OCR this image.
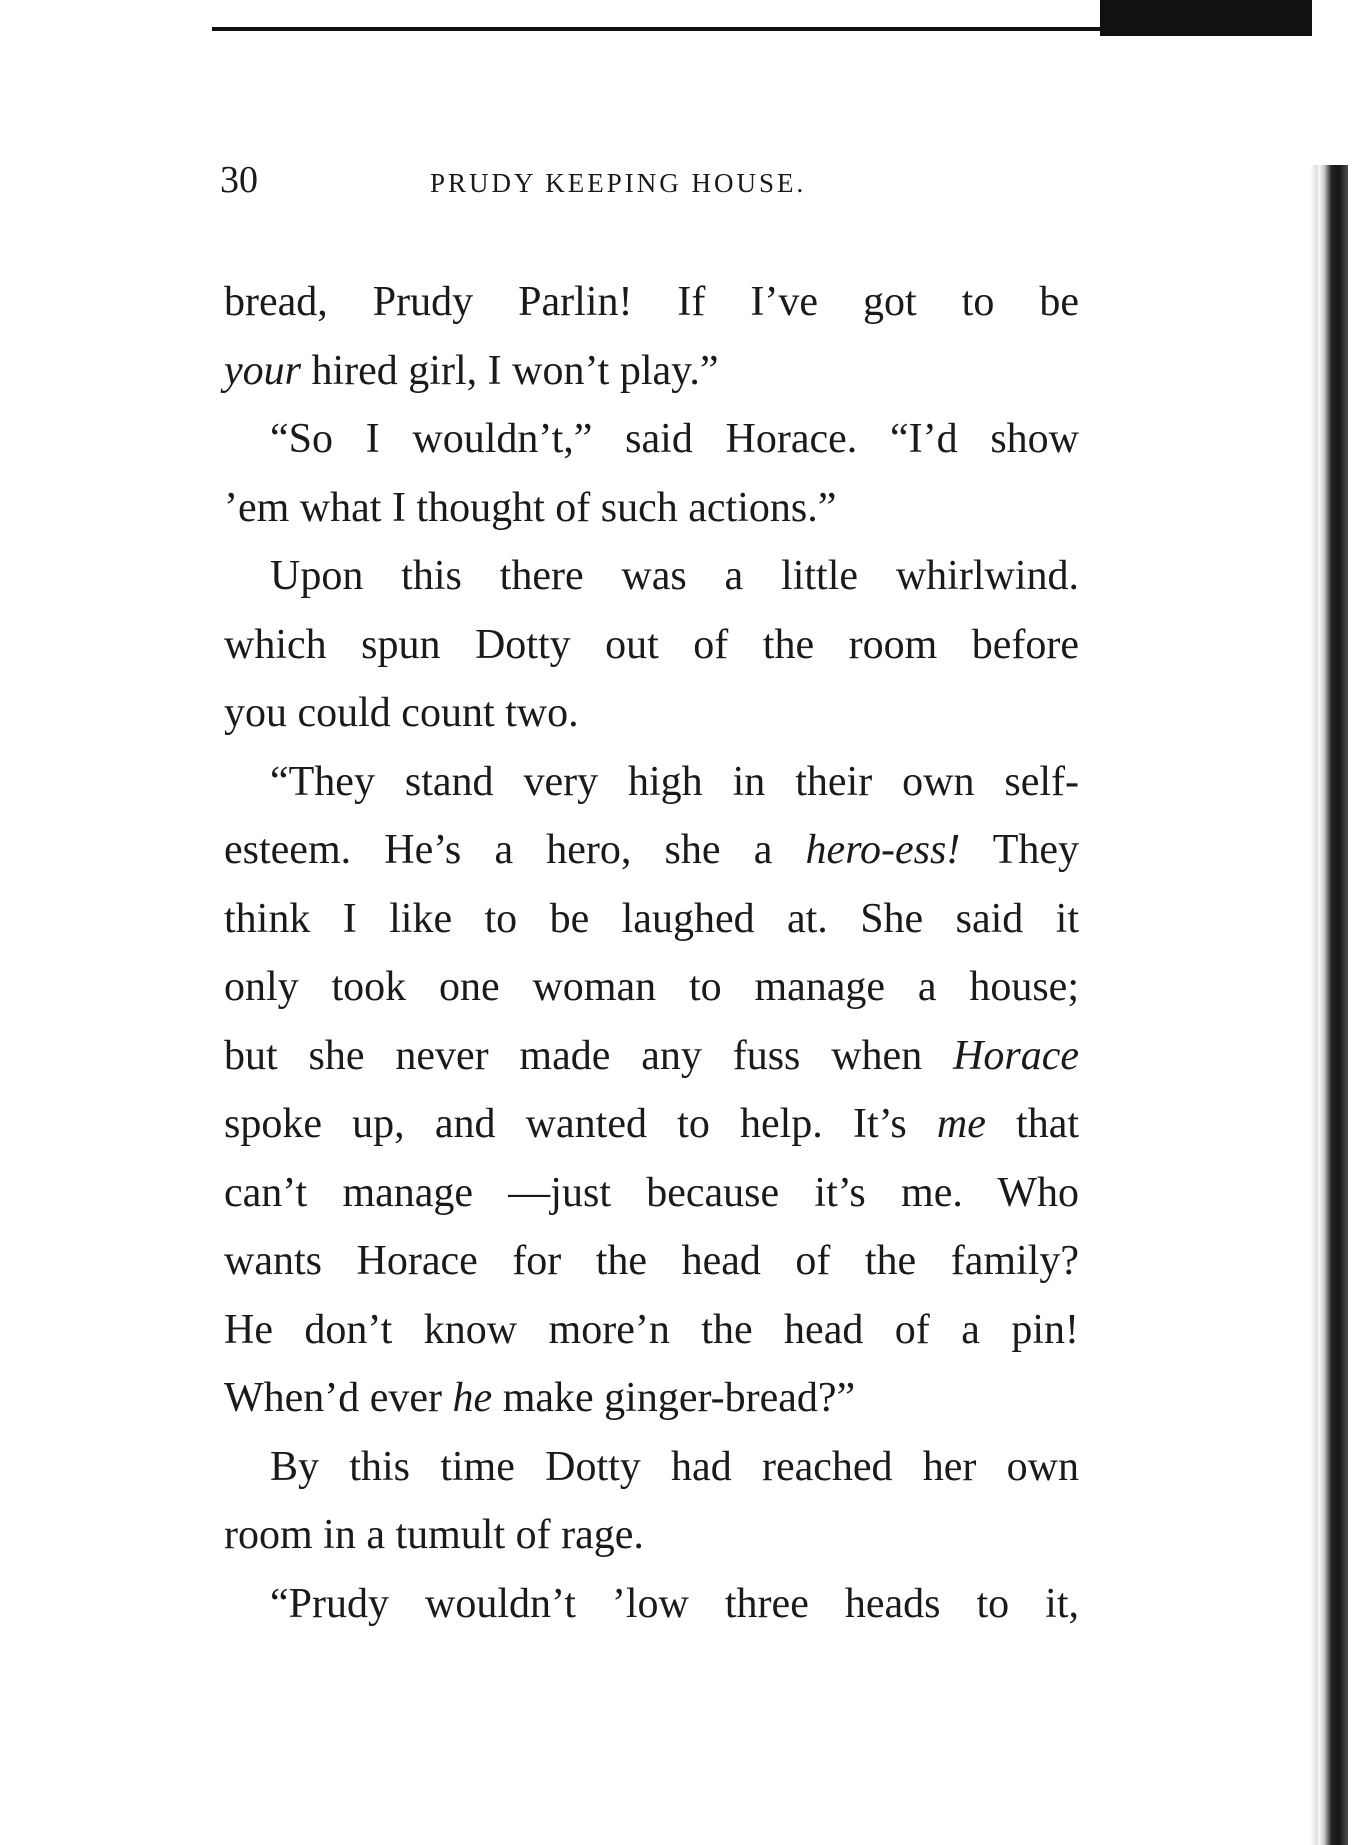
30	PRUDY KEEPING HOUSE.
bread, Prudy Parlin! If I’ve got to be
your hired girl, I won’t play.”
“So I wouldn’t,” said Horace. “I’d show
’em what I thought of such actions.”
Upon this there was a little whirlwind.
which spun Dotty out of the room before
you could count two.
“They stand very high in their own self-
esteem. He’s a hero, she a hero-ess! They
think I like to be laughed at. She said it
only took one woman to manage a house;
but she never made any fuss when Horace
spoke up, and wanted to help. It’s me that
can’t manage —just because it’s me. Who
wants Horace for the head of the family?
He don’t know more’n the head of a pin!
When’d ever he make ginger-bread?”
By this time Dotty had reached her own
room in a tumult of rage.
“Prudy wouldn’t ’low three heads to it,
